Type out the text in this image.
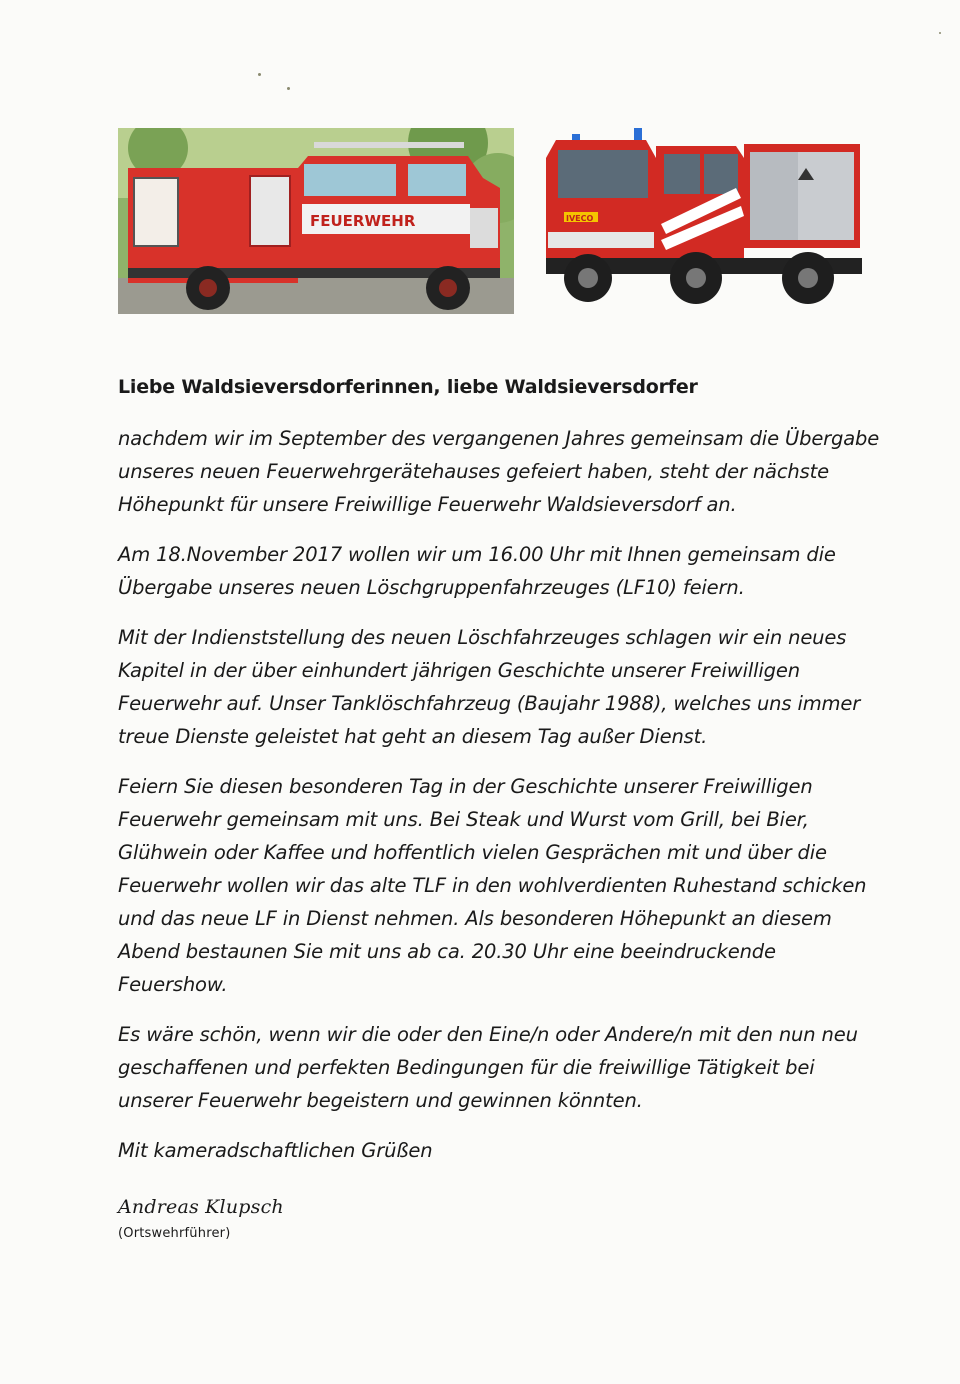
FEUERWEHR	IVECO
Liebe Waldsieversdorferinnen, liebe Waldsieversdorfer

nachdem wir im September des vergangenen Jahres gemeinsam die Übergabe unseres neuen Feuerwehrgerätehauses gefeiert haben, steht der nächste Höhepunkt für unsere Freiwillige Feuerwehr Waldsieversdorf an.

Am 18.November 2017 wollen wir um 16.00 Uhr mit Ihnen gemeinsam die Übergabe unseres neuen Löschgruppenfahrzeuges (LF10) feiern.

Mit der Indienststellung des neuen Löschfahrzeuges schlagen wir ein neues Kapitel in der über einhundert jährigen Geschichte unserer Freiwilligen Feuerwehr auf. Unser Tanklöschfahrzeug (Baujahr 1988), welches uns immer treue Dienste geleistet hat geht an diesem Tag außer Dienst.

Feiern Sie diesen besonderen Tag in der Geschichte unserer Freiwilligen Feuerwehr gemeinsam mit uns. Bei Steak und Wurst vom Grill, bei Bier, Glühwein oder Kaffee und hoffentlich vielen Gesprächen mit und über die Feuerwehr wollen wir das alte TLF in den wohlverdienten Ruhestand schicken und das neue LF in Dienst nehmen. Als besonderen Höhepunkt an diesem Abend bestaunen Sie mit uns ab ca. 20.30 Uhr eine beeindruckende Feuershow.

Es wäre schön, wenn wir die oder den Eine/n oder Andere/n mit den nun neu geschaffenen und perfekten Bedingungen für die freiwillige Tätigkeit bei unserer Feuerwehr begeistern und gewinnen könnten.

Mit kameradschaftlichen Grüßen

Andreas Klupsch
(Ortswehrführer)
